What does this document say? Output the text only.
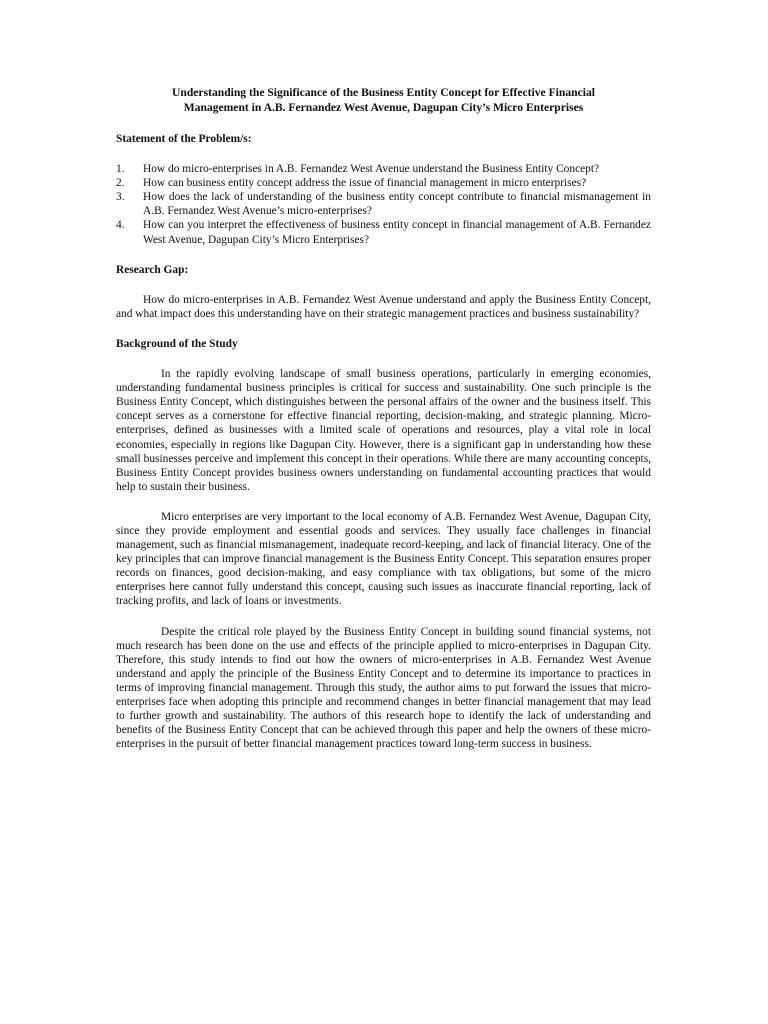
Understanding the Significance of the Business Entity Concept for Effective Financial
Management in A.B. Fernandez West Avenue, Dagupan City’s Micro Enterprises
Statement of the Problem/s:
1. How do micro-enterprises in A.B. Fernandez West Avenue understand the Business Entity Concept?
2. How can business entity concept address the issue of financial management in micro enterprises?
3. How does the lack of understanding of the business entity concept contribute to financial mismanagement in A.B. Fernandez West Avenue’s micro-enterprises?
4. How can you interpret the effectiveness of business entity concept in financial management of A.B. Fernandez West Avenue, Dagupan City’s Micro Enterprises?
Research Gap:

How do micro-enterprises in A.B. Fernandez West Avenue understand and apply the Business Entity Concept, and what impact does this understanding have on their strategic management practices and business sustainability?

Background of the Study

In the rapidly evolving landscape of small business operations, particularly in emerging economies, understanding fundamental business principles is critical for success and sustainability. One such principle is the Business Entity Concept, which distinguishes between the personal affairs of the owner and the business itself. This concept serves as a cornerstone for effective financial reporting, decision-making, and strategic planning. Micro-enterprises, defined as businesses with a limited scale of operations and resources, play a vital role in local economies, especially in regions like Dagupan City. However, there is a significant gap in understanding how these small businesses perceive and implement this concept in their operations. While there are many accounting concepts, Business Entity Concept provides business owners understanding on fundamental accounting practices that would help to sustain their business.

Micro enterprises are very important to the local economy of A.B. Fernandez West Avenue, Dagupan City, since they provide employment and essential goods and services. They usually face challenges in financial management, such as financial mismanagement, inadequate record-keeping, and lack of financial literacy. One of the key principles that can improve financial management is the Business Entity Concept. This separation ensures proper records on finances, good decision-making, and easy compliance with tax obligations, but some of the micro enterprises here cannot fully understand this concept, causing such issues as inaccurate financial reporting, lack of tracking profits, and lack of loans or investments.

Despite the critical role played by the Business Entity Concept in building sound financial systems, not much research has been done on the use and effects of the principle applied to micro-enterprises in Dagupan City. Therefore, this study intends to find out how the owners of micro-enterprises in A.B. Fernandez West Avenue understand and apply the principle of the Business Entity Concept and to determine its importance to practices in terms of improving financial management. Through this study, the author aims to put forward the issues that micro-enterprises face when adopting this principle and recommend changes in better financial management that may lead to further growth and sustainability. The authors of this research hope to identify the lack of understanding and benefits of the Business Entity Concept that can be achieved through this paper and help the owners of these micro-enterprises in the pursuit of better financial management practices toward long-term success in business.
